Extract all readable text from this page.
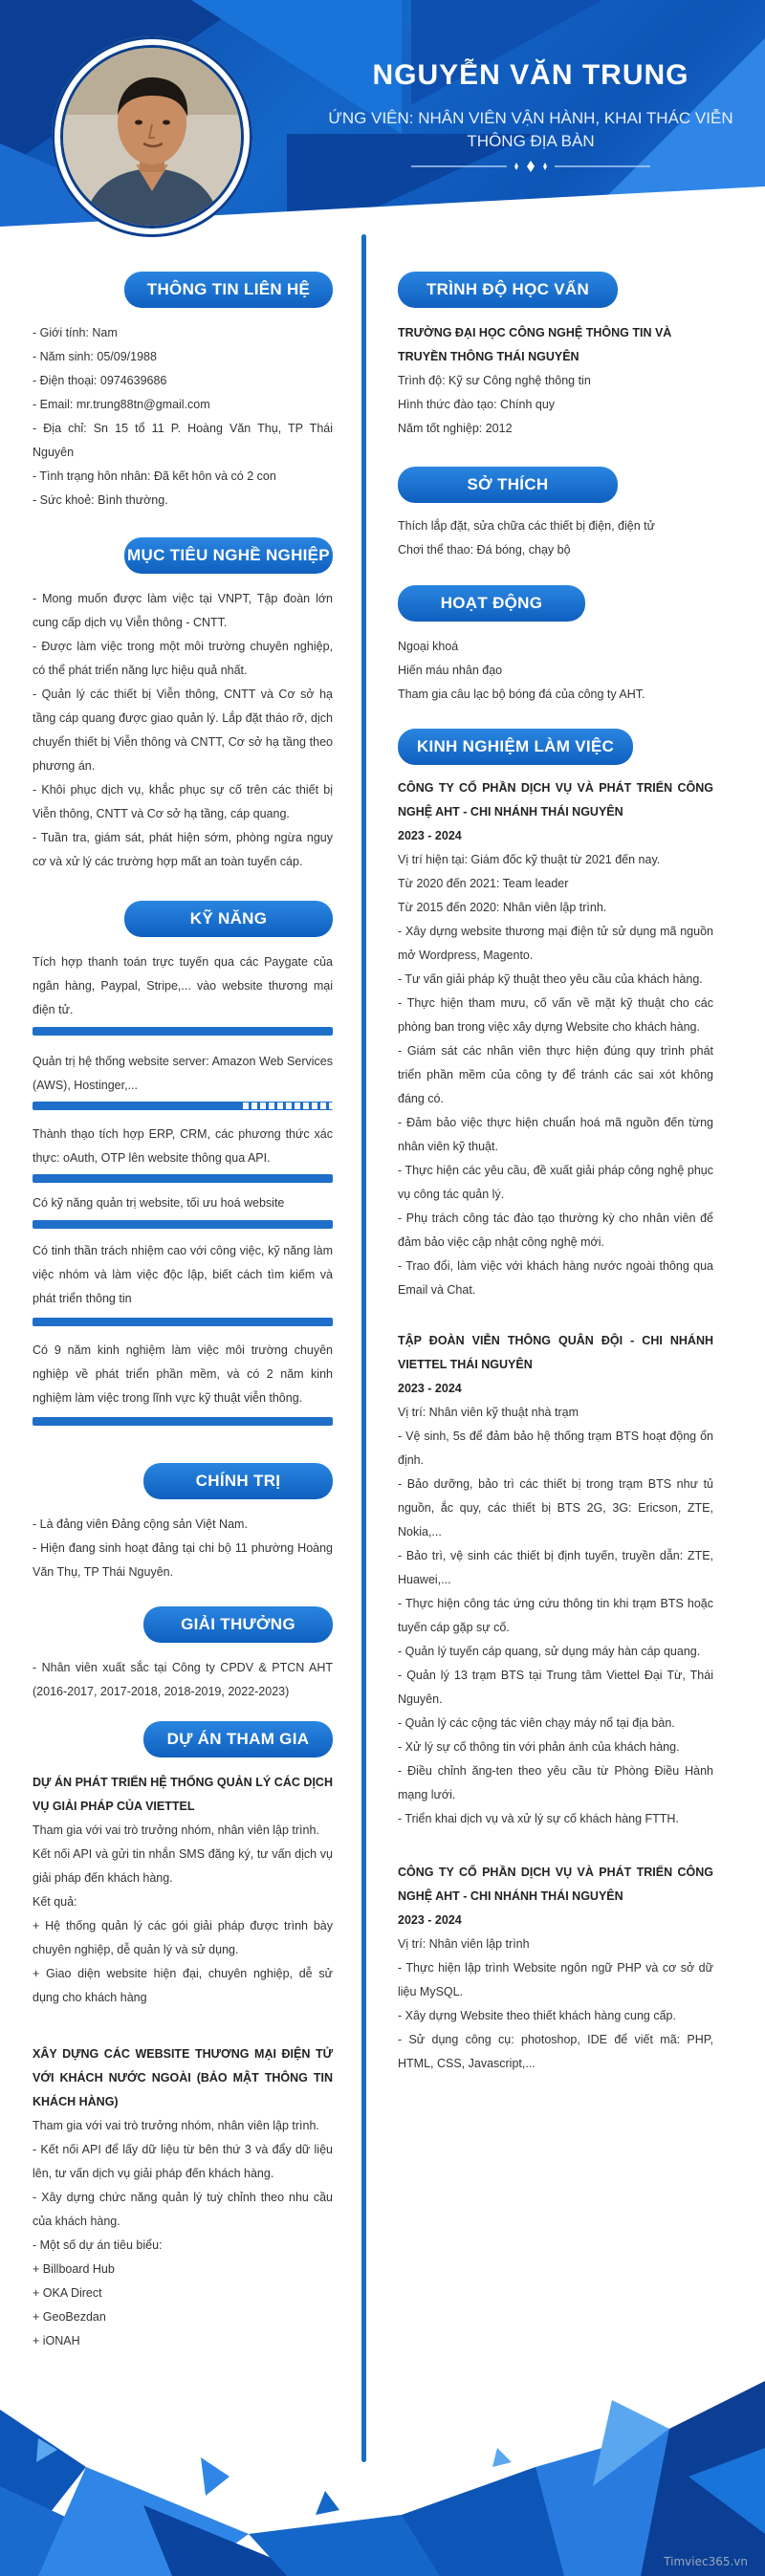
NGUYỄN VĂN TRUNG
ỨNG VIÊN: NHÂN VIÊN VẬN HÀNH, KHAI THÁC VIỄN THÔNG ĐỊA BÀN
THÔNG TIN LIÊN HỆ

- Giới tính: Nam

- Năm sinh: 05/09/1988

- Điện thoại: 0974639686

- Email: mr.trung88tn@gmail.com

- Địa chỉ: Sn 15 tổ 11 P. Hoàng Văn Thụ, TP Thái Nguyên

- Tình trạng hôn nhân: Đã kết hôn và có 2 con

- Sức khoẻ: Bình thường.

MỤC TIÊU NGHỀ NGHIỆP

- Mong muốn được làm việc tại VNPT, Tập đoàn lớn cung cấp dịch vụ Viễn thông - CNTT.

- Được làm việc trong một môi trường chuyên nghiệp, có thể phát triển năng lực hiệu quả nhất.

- Quản lý các thiết bị Viễn thông, CNTT và Cơ sở hạ tầng cáp quang được giao quản lý. Lắp đặt tháo rỡ, dịch chuyển thiết bị Viễn thông và CNTT, Cơ sở hạ tầng theo phương án.

- Khôi phục dịch vụ, khắc phục sự cố trên các thiết bị Viễn thông, CNTT và Cơ sở hạ tầng, cáp quang.

- Tuần tra, giám sát, phát hiện sớm, phòng ngừa nguy cơ và xử lý các trường hợp mất an toàn tuyến cáp.

KỸ NĂNG
Tích hợp thanh toán trực tuyến qua các Paygate của ngân hàng, Paypal, Stripe,... vào website thương mại điện tử.
Quản trị hệ thống website server: Amazon Web Services (AWS), Hostinger,...
Thành thạo tích hợp ERP, CRM, các phương thức xác thực: oAuth, OTP lên website thông qua API.
Có kỹ năng quản trị website, tối ưu hoá website
Có tinh thần trách nhiệm cao với công việc, kỹ năng làm việc nhóm và làm việc độc lập, biết cách tìm kiếm và phát triển thông tin
Có 9 năm kinh nghiệm làm việc môi trường chuyên nghiệp về phát triển phần mềm, và có 2 năm kinh nghiệm làm việc trong lĩnh vực kỹ thuật viễn thông.
CHÍNH TRỊ

- Là đảng viên Đảng cộng sản Việt Nam.

- Hiện đang sinh hoạt đảng tại chi bộ 11 phường Hoàng Văn Thụ, TP Thái Nguyên.

GIẢI THƯỞNG

- Nhân viên xuất sắc tại Công ty CPDV & PTCN AHT (2016-2017, 2017-2018, 2018-2019, 2022-2023)

DỰ ÁN THAM GIA

DỰ ÁN PHÁT TRIỂN HỆ THỐNG QUẢN LÝ CÁC DỊCH VỤ GIẢI PHÁP CỦA VIETTEL

Tham gia với vai trò trưởng nhóm, nhân viên lập trình.

Kết nối API và gửi tin nhắn SMS đăng ký, tư vấn dịch vụ giải pháp đến khách hàng.

Kết quả:

+ Hệ thống quản lý các gói giải pháp được trình bày chuyên nghiệp, dễ quản lý và sử dụng.

+ Giao diện website hiện đại, chuyên nghiệp, dễ sử dụng cho khách hàng

XÂY DỰNG CÁC WEBSITE THƯƠNG MẠI ĐIỆN TỬ VỚI KHÁCH NƯỚC NGOÀI (BẢO MẬT THÔNG TIN KHÁCH HÀNG)

Tham gia với vai trò trưởng nhóm, nhân viên lập trình.

- Kết nối API để lấy dữ liệu từ bên thứ 3 và đẩy dữ liệu lên, tư vấn dịch vụ giải pháp đến khách hàng.

- Xây dựng chức năng quản lý tuỳ chỉnh theo nhu cầu của khách hàng.

- Một số dự án tiêu biểu:

+ Billboard Hub

+ OKA Direct

+ GeoBezdan

+ iONAH

TRÌNH ĐỘ HỌC VẤN

TRƯỜNG ĐẠI HỌC CÔNG NGHỆ THÔNG TIN VÀ TRUYỀN THÔNG THÁI NGUYÊN

Trình độ: Kỹ sư Công nghệ thông tin

Hình thức đào tạo: Chính quy

Năm tốt nghiệp: 2012

SỞ THÍCH

Thích lắp đặt, sửa chữa các thiết bị điện, điện tử

Chơi thể thao: Đá bóng, chạy bộ

HOẠT ĐỘNG

Ngoại khoá

Hiến máu nhân đạo

Tham gia câu lạc bộ bóng đá của công ty AHT.

KINH NGHIỆM LÀM VIỆC

CÔNG TY CỔ PHẦN DỊCH VỤ VÀ PHÁT TRIỂN CÔNG NGHỆ AHT - CHI NHÁNH THÁI NGUYÊN

2023 - 2024

Vị trí hiện tại: Giám đốc kỹ thuật từ 2021 đến nay.

Từ 2020 đến 2021: Team leader

Từ 2015 đến 2020: Nhân viên lập trình.

- Xây dựng website thương mại điện tử sử dụng mã nguồn mở Wordpress, Magento.

- Tư vấn giải pháp kỹ thuật theo yêu cầu của khách hàng.

- Thực hiện tham mưu, cố vấn về mặt kỹ thuật cho các phòng ban trong việc xây dựng Website cho khách hàng.

- Giám sát các nhân viên thực hiện đúng quy trình phát triển phần mềm của công ty để tránh các sai xót không đáng có.

- Đảm bảo việc thực hiện chuẩn hoá mã nguồn đến từng nhân viên kỹ thuật.

- Thực hiện các yêu cầu, đề xuất giải pháp công nghệ phục vụ công tác quản lý.

- Phụ trách công tác đào tạo thường kỳ cho nhân viên để đảm bảo việc cập nhật công nghệ mới.

- Trao đổi, làm việc với khách hàng nước ngoài thông qua Email và Chat.

TẬP ĐOÀN VIỄN THÔNG QUÂN ĐỘI - CHI NHÁNH VIETTEL THÁI NGUYÊN

2023 - 2024

Vị trí: Nhân viên kỹ thuật nhà trạm

- Vệ sinh, 5s để đảm bảo hệ thống trạm BTS hoạt động ổn định.

- Bảo dưỡng, bảo trì các thiết bị trong trạm BTS như tủ nguồn, ắc quy, các thiết bị BTS 2G, 3G: Ericson, ZTE, Nokia,...

- Bảo trì, vệ sinh các thiết bị định tuyến, truyền dẫn: ZTE, Huawei,...

- Thực hiện công tác ứng cứu thông tin khi trạm BTS hoặc tuyến cáp gặp sự cố.

- Quản lý tuyến cáp quang, sử dụng máy hàn cáp quang.

- Quản lý 13 trạm BTS tại Trung tâm Viettel Đại Từ, Thái Nguyên.

- Quản lý các cộng tác viên chạy máy nổ tại địa bàn.

- Xử lý sự cố thông tin với phản ánh của khách hàng.

- Điều chỉnh ăng-ten theo yêu cầu từ Phòng Điều Hành mạng lưới.

- Triển khai dịch vụ và xử lý sự cố khách hàng FTTH.

CÔNG TY CỔ PHẦN DỊCH VỤ VÀ PHÁT TRIỂN CÔNG NGHỆ AHT - CHI NHÁNH THÁI NGUYÊN

2023 - 2024

Vị trí: Nhân viên lập trình

- Thực hiện lập trình Website ngôn ngữ PHP và cơ sở dữ liệu MySQL.

- Xây dựng Website theo thiết khách hàng cung cấp.

- Sử dụng công cụ: photoshop, IDE để viết mã: PHP, HTML, CSS, Javascript,...

Timviec365.vn
